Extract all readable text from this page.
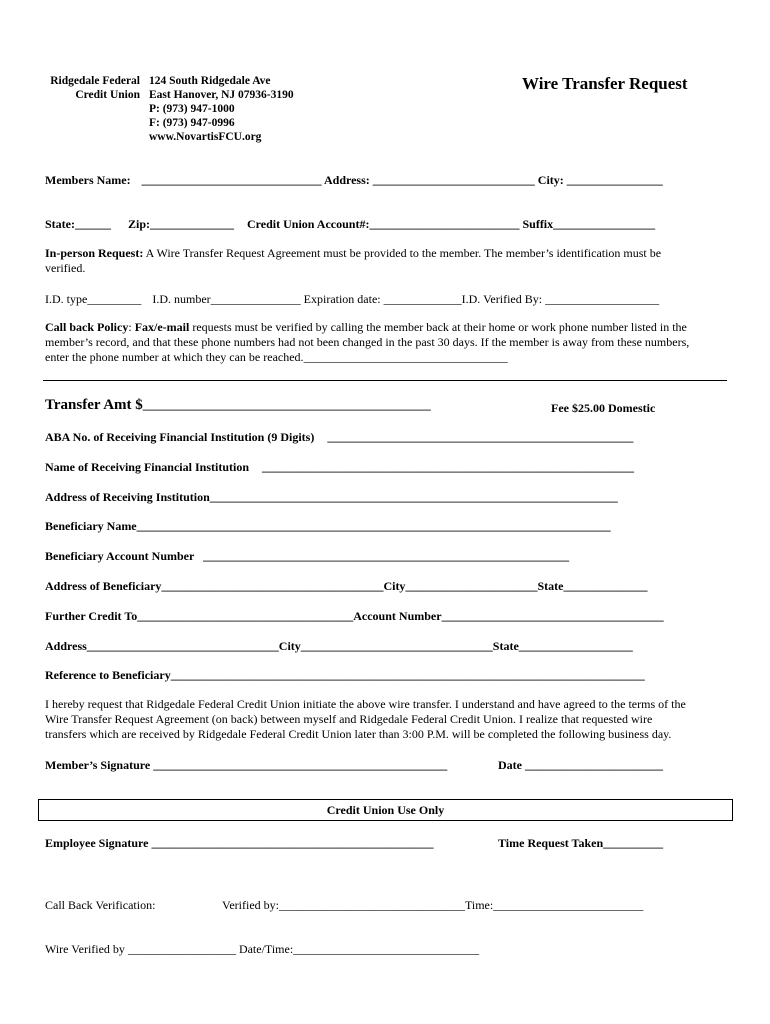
Ridgedale Federal
Credit Union
124 South Ridgedale Ave
East Hanover, NJ 07936-3190
P: (973) 947-1000
F: (973) 947-0996
www.NovartisFCU.org
Wire Transfer Request
Members Name: ______________________________ Address: ___________________________ City: ________________
State:______ Zip:______________ Credit Union Account#:_________________________ Suffix_________________
In-person Request: A Wire Transfer Request Agreement must be provided to the member. The member’s identification must be
verified.
I.D. type_________ I.D. number_______________ Expiration date: _____________I.D. Verified By: ___________________
Call back Policy: Fax/e-mail requests must be verified by calling the member back at their home or work phone number listed in the
member’s record, and that these phone numbers had not been changed in the past 30 days. If the member is away from these numbers,
enter the phone number at which they can be reached.__________________________________
Transfer Amt $________________________________________________	Fee $25.00 Domestic
ABA No. of Receiving Financial Institution (9 Digits) ___________________________________________________
Name of Receiving Financial Institution ______________________________________________________________
Address of Receiving Institution____________________________________________________________________
Beneficiary Name_______________________________________________________________________________
Beneficiary Account Number _____________________________________________________________
Address of Beneficiary_____________________________________City______________________State______________
Further Credit To____________________________________Account Number_____________________________________
Address________________________________City________________________________State___________________
Reference to Beneficiary_______________________________________________________________________________
I hereby request that Ridgedale Federal Credit Union initiate the above wire transfer. I understand and have agreed to the terms of the
Wire Transfer Request Agreement (on back) between myself and Ridgedale Federal Credit Union. I realize that requested wire
transfers which are received by Ridgedale Federal Credit Union later than 3:00 P.M. will be completed the following business day.
Member’s Signature _________________________________________________	Date _______________________
Credit Union Use Only
Employee Signature _______________________________________________	Time Request Taken__________
Call Back Verification:	Verified by:_______________________________Time:_________________________
Wire Verified by __________________ Date/Time:_______________________________
